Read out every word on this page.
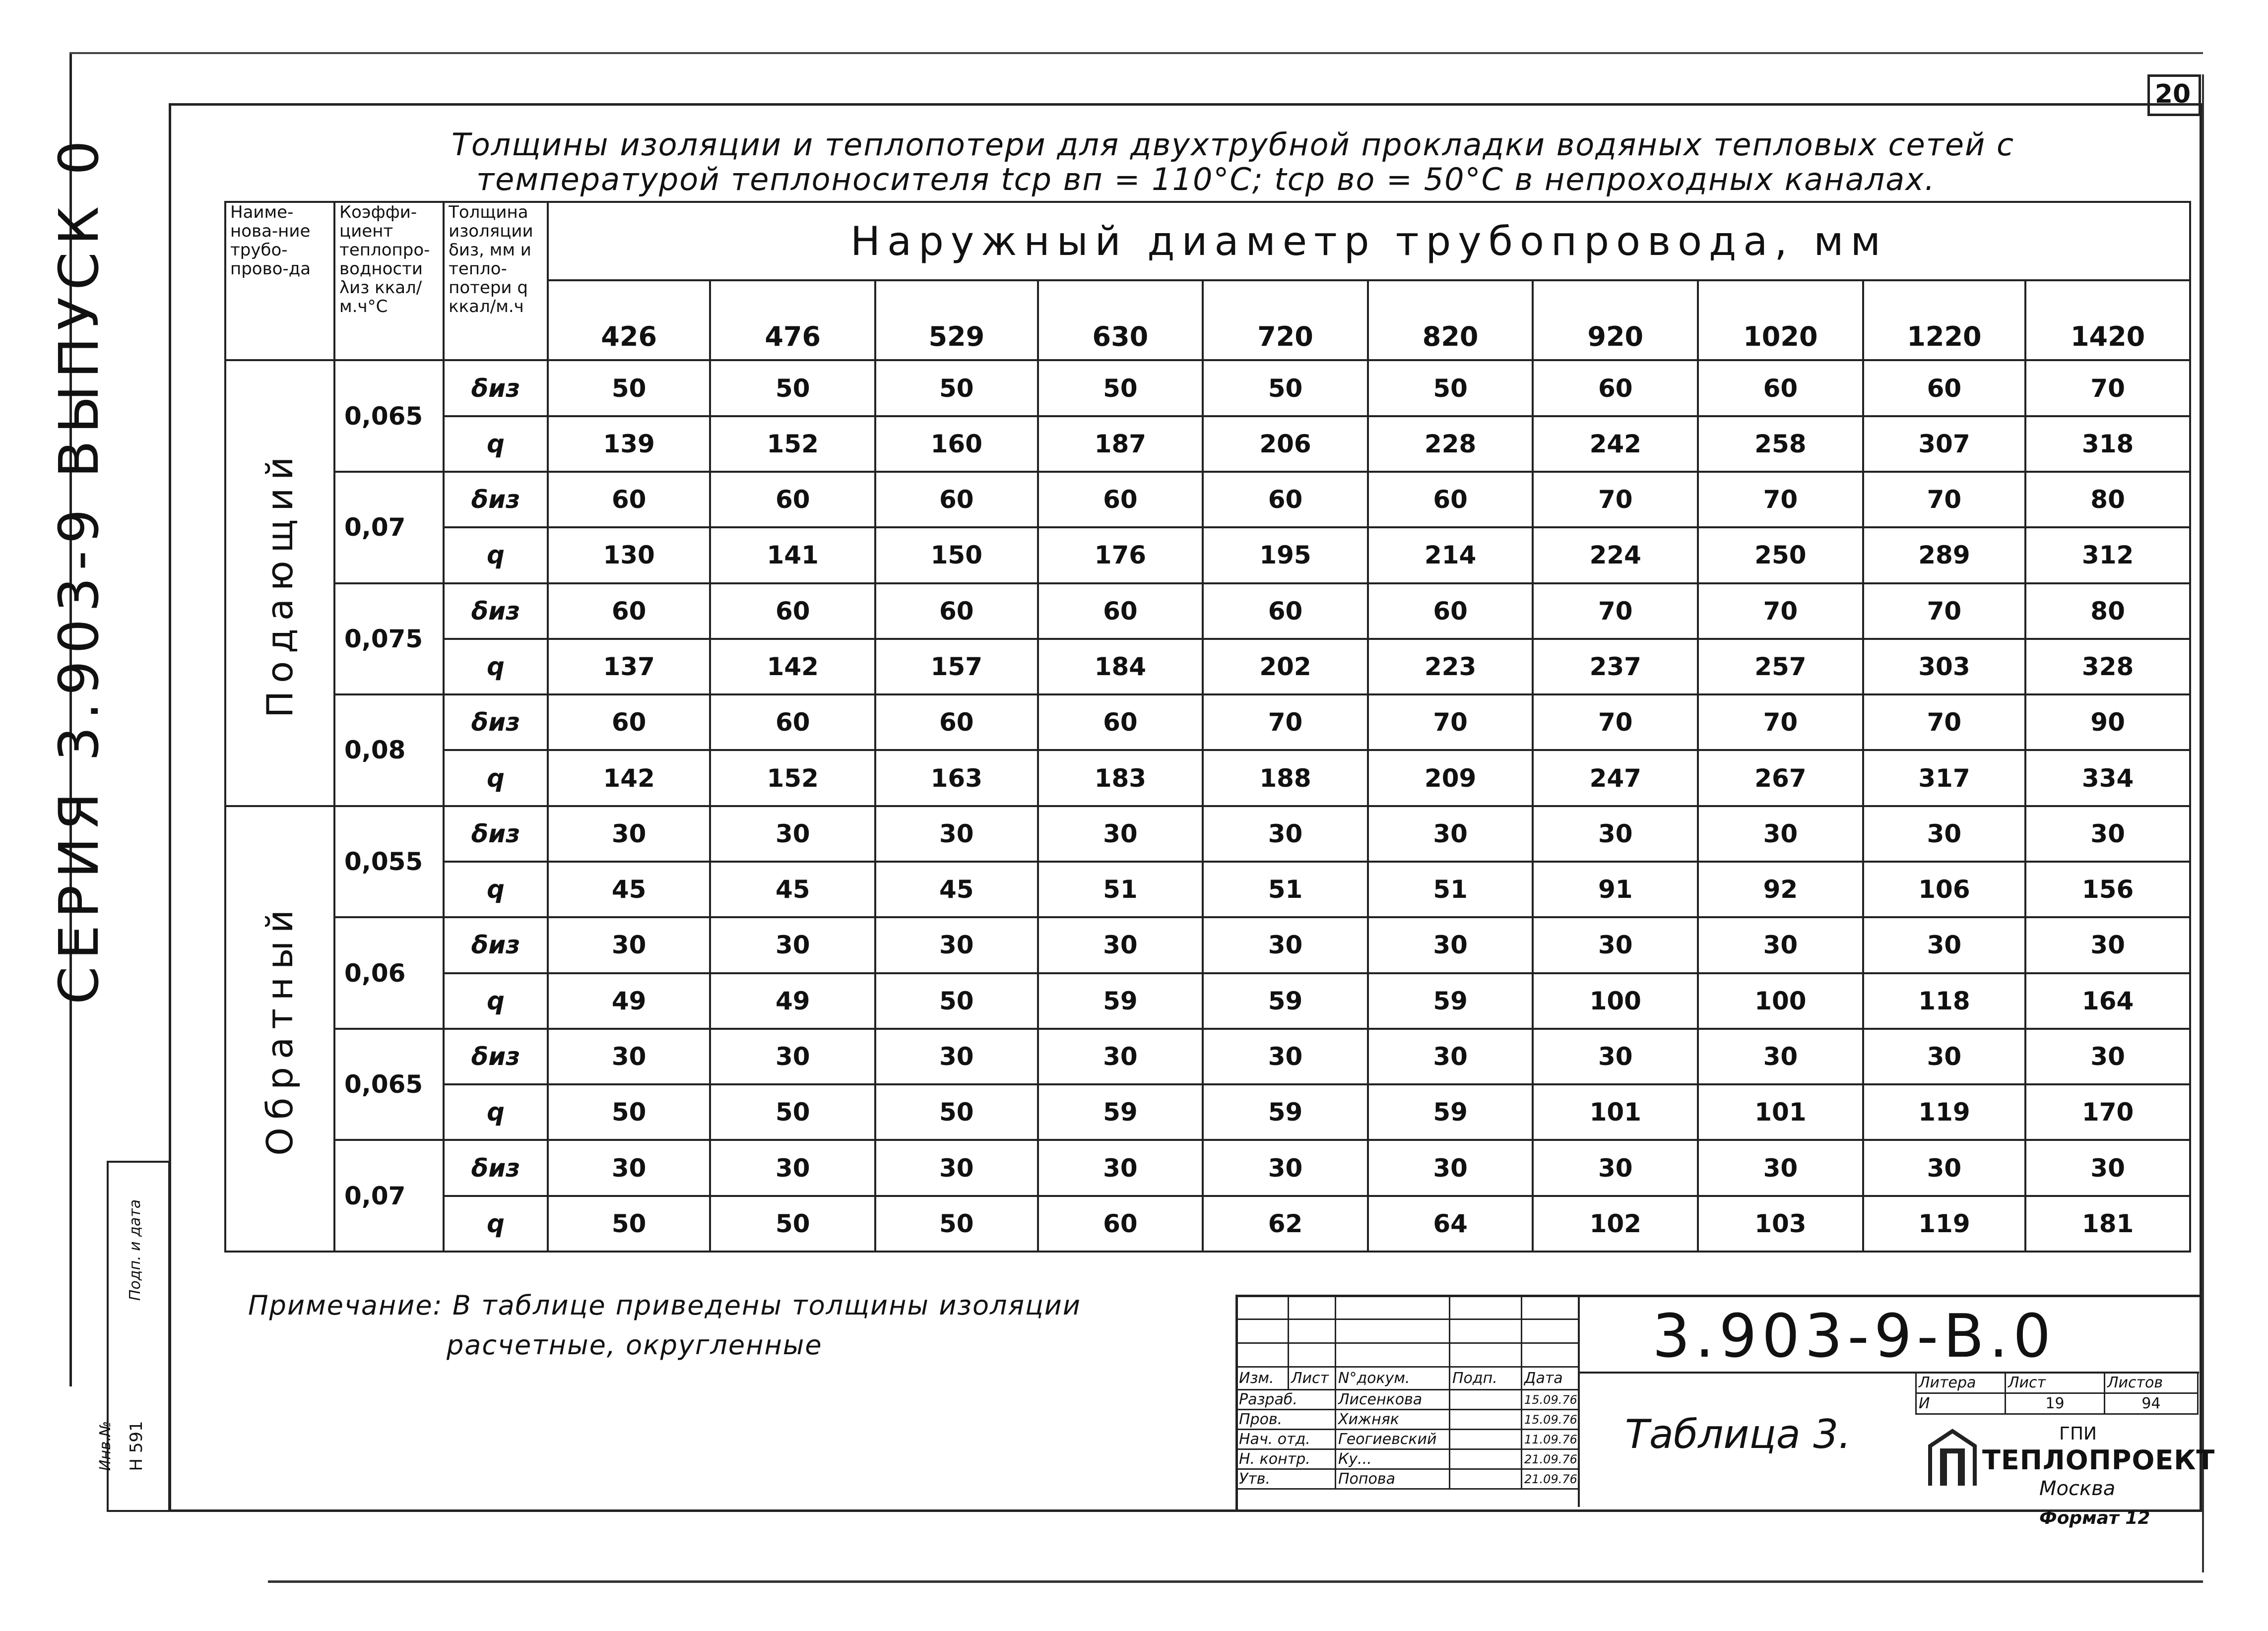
20
СЕРИЯ 3.903-9 ВЫПУСК 0
Подп. и дата
Инв.№ Н 591
Толщины изоляции и теплопотери для двухтрубной прокладки водяных тепловых сетей с
температурой теплоносителя tср вп = 110°С; tср во = 50°С в непроходных каналах.
Наиме-нова-ние трубо-прово-да	Коэффи-циент теплопро-водности λиз ккал/м.ч°С	Толщина изоляции δиз, мм и тепло-потери q ккал/м.ч	Наружный диаметр трубопровода, мм									
			426	476	529	630	720	820	920	1020	1220	1420

Подающий	0,065	δиз	50	50	50	50	50	50	60	60	60	70
		q	139	152	160	187	206	228	242	258	307	318
	0,07	δиз	60	60	60	60	60	60	70	70	70	80
		q	130	141	150	176	195	214	224	250	289	312
	0,075	δиз	60	60	60	60	60	60	70	70	70	80
		q	137	142	157	184	202	223	237	257	303	328
	0,08	δиз	60	60	60	60	70	70	70	70	70	90
		q	142	152	163	183	188	209	247	267	317	334

Обратный	0,055	δиз	30	30	30	30	30	30	30	30	30	30
		q	45	45	45	51	51	51	91	92	106	156
	0,06	δиз	30	30	30	30	30	30	30	30	30	30
		q	49	49	50	59	59	59	100	100	118	164
	0,065	δиз	30	30	30	30	30	30	30	30	30	30
		q	50	50	50	59	59	59	101	101	119	170
	0,07	δиз	30	30	30	30	30	30	30	30	30	30
		q	50	50	50	60	62	64	102	103	119	181
Примечание: В таблице приведены толщины изоляции
расчетные, округленные

Изм.	Лист	N°докум.	Подп.	Дата
Разраб.		Лисенкова		15.09.76
Пров.		Хижняк		15.09.76
Нач. отд.		Геогиевский		11.09.76
Н. контр.		Ку...		21.09.76
Утв.		Попова		21.09.76
3.903-9-В.0
Таблица 3.
Литера	Лист	Листов
И	19	94
ГПИ
ТЕПЛОПРОЕКТ
Москва
Формат 12
